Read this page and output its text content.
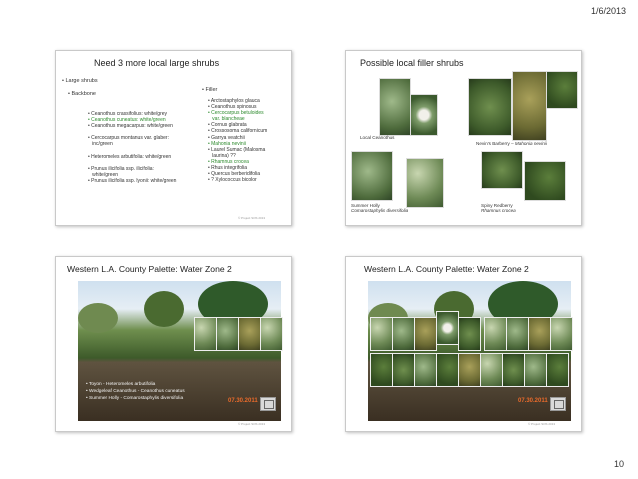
1/6/2013
Need 3 more local large shrubs
• Large shrubs
• Backbone
• Ceanothus crassifolius: white/grey
• Ceanothus cuneatus: white/green
• Ceanothus megacarpus: white/green

• Cercocarpus montanus var. glaber:
inc/green

• Heteromeles arbutifolia: white/green

• Prunus ilicifolia ssp. ilicifolia:
white/green
• Prunus ilicifolia ssp. lyonii: white/green
• Filler
• Arctostaphylos glauca
• Ceanothus spinosus
• Cercocarpus betuloides
var. blancheae
• Cornus glabrata
• Crossosoma californicum
• Garrya veatchii
• Mahonia nevinii
• Laurel Sumac (Malosma
laurina) ??
• Rhamnus crocea
• Rhus integrifolia
• Quercus berberidifolia
• ? Xylococcus bicolor
© Project SOS 2013
Possible local filler shrubs
Local Ceanothus
Nevin's Barberry – Mahonia nevinii
Summer Holly
Comarostaphylis diversifolia
Spiny Redberry
Rhamnus crocea
Western L.A. County Palette: Water Zone 2
• Toyon - Heteromeles arbutifolia
• Wedgeleaf Ceanothus - Ceanothus cuneatus
• Summer Holly - Comarostaphylis diversifolia	07.30.2011
© Project SOS 2013
Western L.A. County Palette: Water Zone 2
07.30.2011
© Project SOS 2013
10
